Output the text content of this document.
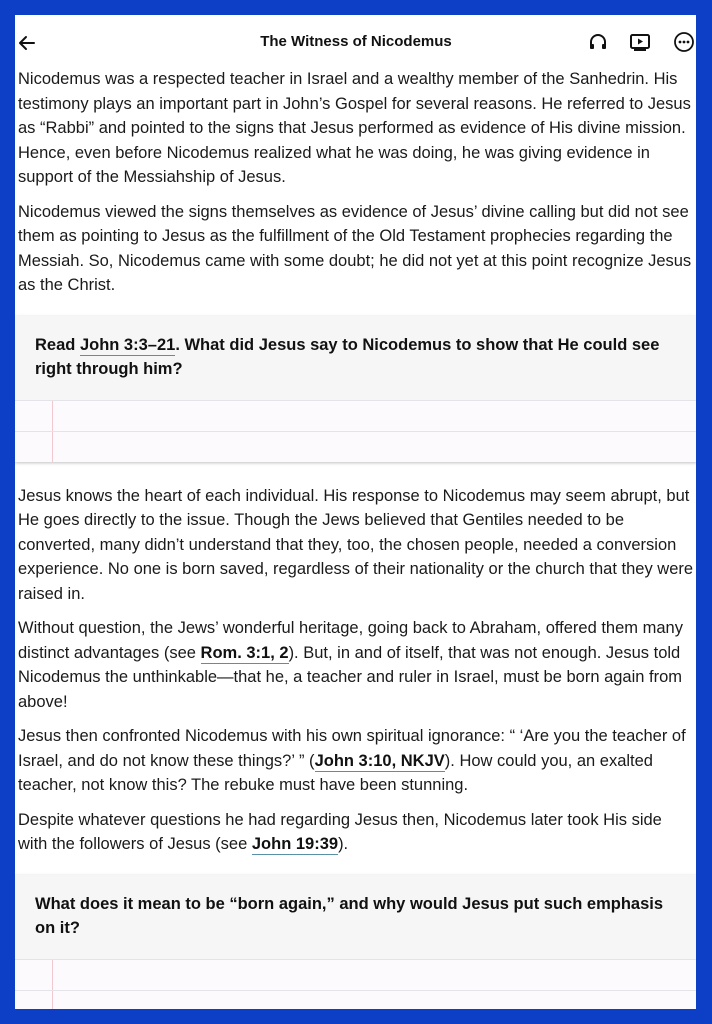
The Witness of Nicodemus

Nicodemus was a respected teacher in Israel and a wealthy member of the Sanhedrin. His testimony plays an important part in John’s Gospel for several reasons. He referred to Jesus as “Rabbi” and pointed to the signs that Jesus performed as evidence of His divine mission. Hence, even before Nicodemus realized what he was doing, he was giving evidence in support of the Messiahship of Jesus.

Nicodemus viewed the signs themselves as evidence of Jesus’ divine calling but did not see them as pointing to Jesus as the fulfillment of the Old Testament prophecies regarding the Messiah. So, Nicodemus came with some doubt; he did not yet at this point recognize Jesus as the Christ.

Read John 3:3–21. What did Jesus say to Nicodemus to show that He could see right through him?

Jesus knows the heart of each individual. His response to Nicodemus may seem abrupt, but He goes directly to the issue. Though the Jews believed that Gentiles needed to be converted, many didn’t understand that they, too, the chosen people, needed a conversion experience. No one is born saved, regardless of their nationality or the church that they were raised in.

Without question, the Jews’ wonderful heritage, going back to Abraham, offered them many distinct advantages (see Rom. 3:1, 2). But, in and of itself, that was not enough. Jesus told Nicodemus the unthinkable—that he, a teacher and ruler in Israel, must be born again from above!

Jesus then confronted Nicodemus with his own spiritual ignorance: “ ‘Are you the teacher of Israel, and do not know these things?’ ” (John 3:10, NKJV). How could you, an exalted teacher, not know this? The rebuke must have been stunning.

Despite whatever questions he had regarding Jesus then, Nicodemus later took His side with the followers of Jesus (see John 19:39).

What does it mean to be “born again,” and why would Jesus put such emphasis on it?
